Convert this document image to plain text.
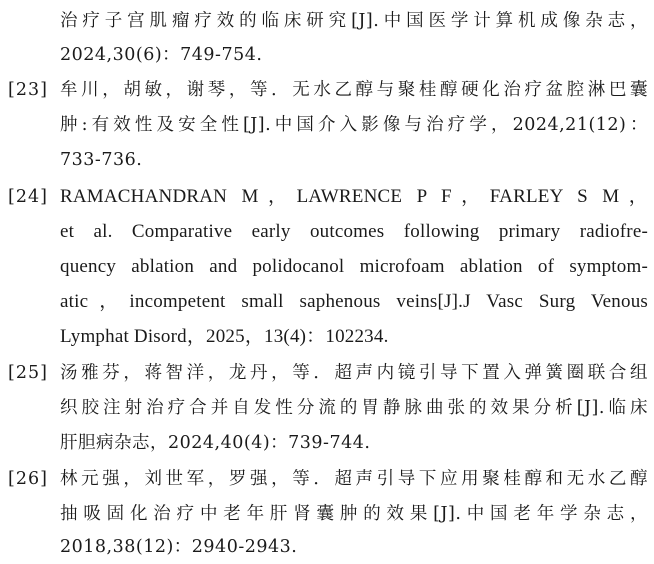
治疗子宫肌瘤疗效的临床研究[J].中国医学计算机成像杂志，
2024,30(6)：749-754.
[23] 牟川，胡敏，谢琴，等．无水乙醇与聚桂醇硬化治疗盆腔淋巴囊
肿:有效性及安全性[J].中国介入影像与治疗学，2024,21(12)：
733-736.
[24] RAMACHANDRAN M，LAWRENCE P F，FARLEY S M，
et al. Comparative early outcomes following primary radiofre-
quency ablation and polidocanol microfoam ablation of symptom-
atic，incompetent small saphenous veins[J].J Vasc Surg Venous
Lymphat Disord，2025，13(4)：102234.
[25] 汤雅芬，蒋智洋，龙丹，等．超声内镜引导下置入弹簧圈联合组
织胶注射治疗合并自发性分流的胃静脉曲张的效果分析[J].临床
肝胆病杂志，2024,40(4)：739-744.
[26] 林元强，刘世军，罗强，等．超声引导下应用聚桂醇和无水乙醇
抽吸固化治疗中老年肝肾囊肿的效果[J].中国老年学杂志，
2018,38(12)：2940-2943.
